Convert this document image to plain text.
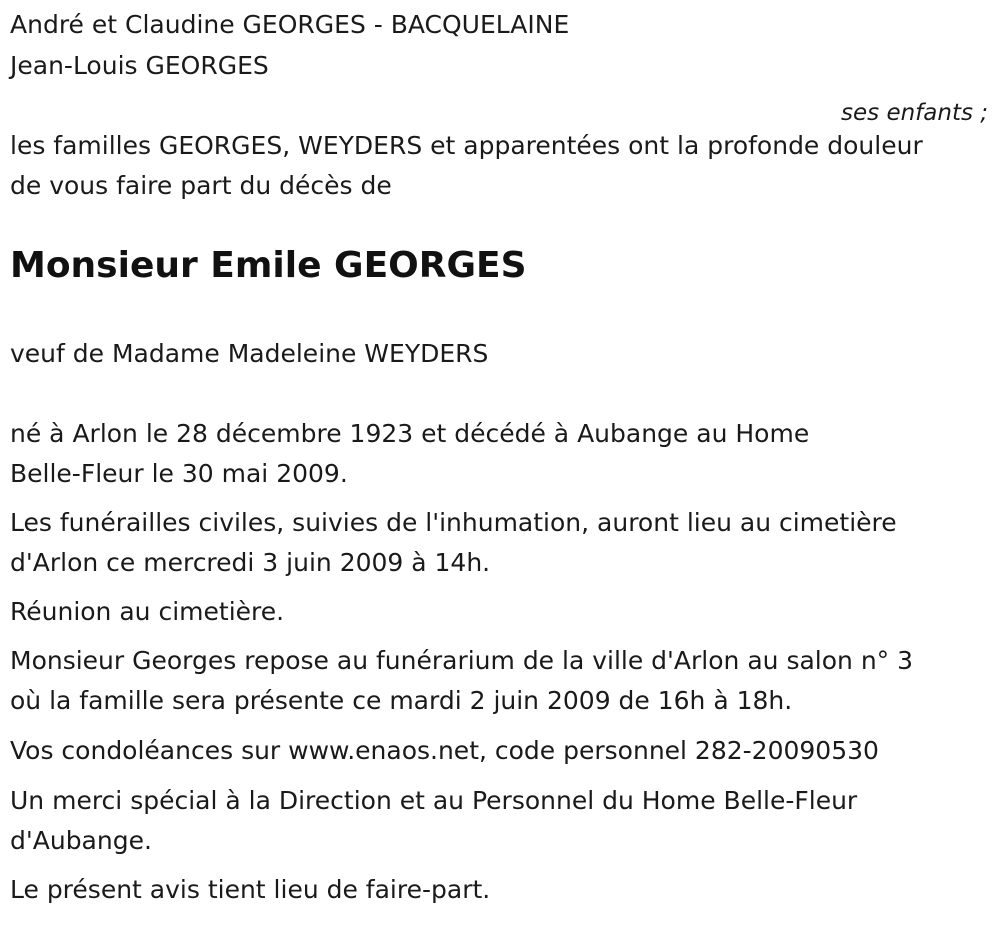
André et Claudine GEORGES - BACQUELAINE

Jean-Louis GEORGES

ses enfants ;

les familles GEORGES, WEYDERS et apparentées ont la profonde douleur

de vous faire part du décès de

Monsieur Emile GEORGES

veuf de Madame Madeleine WEYDERS

né à Arlon le 28 décembre 1923 et décédé à Aubange au Home

Belle-Fleur le 30 mai 2009.

Les funérailles civiles, suivies de l'inhumation, auront lieu au cimetière

d'Arlon ce mercredi 3 juin 2009 à 14h.

Réunion au cimetière.

Monsieur Georges repose au funérarium de la ville d'Arlon au salon n° 3

où la famille sera présente ce mardi 2 juin 2009 de 16h à 18h.

Vos condoléances sur www.enaos.net, code personnel 282-20090530

Un merci spécial à la Direction et au Personnel du Home Belle-Fleur

d'Aubange.

Le présent avis tient lieu de faire-part.
